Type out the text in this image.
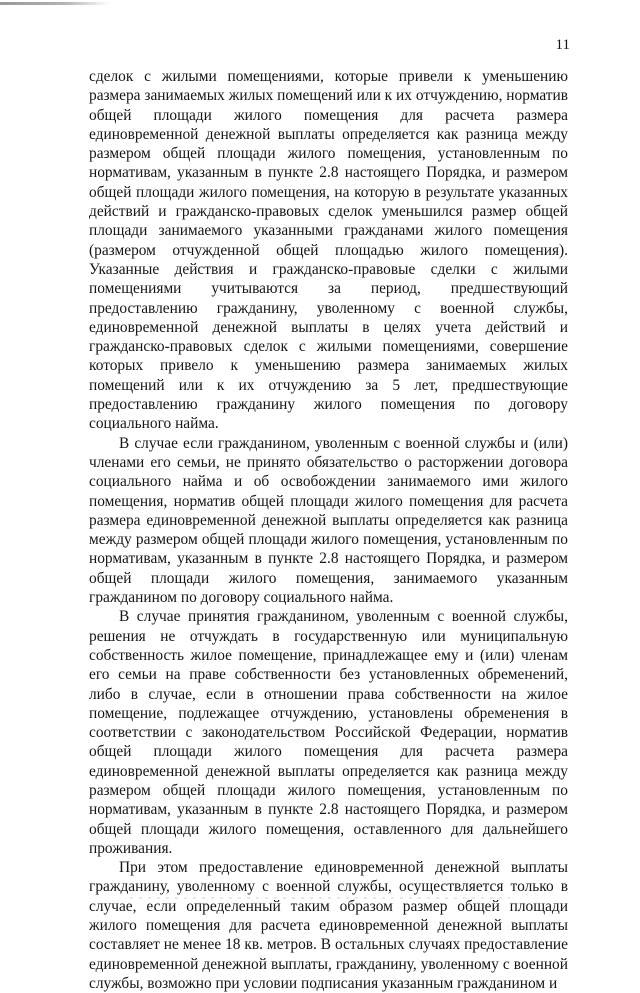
11

сделок с жилыми помещениями, которые привели к уменьшению размера занимаемых жилых помещений или к их отчуждению, норматив общей площади жилого помещения для расчета размера единовременной денежной выплаты определяется как разница между размером общей площади жилого помещения, установленным по нормативам, указанным в пункте 2.8 настоящего Порядка, и размером общей площади жилого помещения, на которую в результате указанных действий и гражданско-правовых сделок уменьшился размер общей площади занимаемого указанными гражданами жилого помещения (размером отчужденной общей площадью жилого помещения). Указанные действия и гражданско-правовые сделки с жилыми помещениями учитываются за период, предшествующий предоставлению гражданину, уволенному с военной службы, единовременной денежной выплаты в целях учета действий и гражданско-правовых сделок с жилыми помещениями, совершение которых привело к уменьшению размера занимаемых жилых помещений или к их отчуждению за 5 лет, предшествующие предоставлению гражданину жилого помещения по договору социального найма.

В случае если гражданином, уволенным с военной службы и (или) членами его семьи, не принято обязательство о расторжении договора социального найма и об освобождении занимаемого ими жилого помещения, норматив общей площади жилого помещения для расчета размера единовременной денежной выплаты определяется как разница между размером общей площади жилого помещения, установленным по нормативам, указанным в пункте 2.8 настоящего Порядка, и размером общей площади жилого помещения, занимаемого указанным гражданином по договору социального найма.

В случае принятия гражданином, уволенным с военной службы, решения не отчуждать в государственную или муниципальную собственность жилое помещение, принадлежащее ему и (или) членам его семьи на праве собственности без установленных обременений, либо в случае, если в отношении права собственности на жилое помещение, подлежащее отчуждению, установлены обременения в соответствии с законодательством Российской Федерации, норматив общей площади жилого помещения для расчета размера единовременной денежной выплаты определяется как разница между размером общей площади жилого помещения, установленным по нормативам, указанным в пункте 2.8 настоящего Порядка, и размером общей площади жилого помещения, оставленного для дальнейшего проживания.

При этом предоставление единовременной денежной выплаты гражданину, уволенному с военной службы, осуществляется только в случае, если определенный таким образом размер общей площади жилого помещения для расчета единовременной денежной выплаты составляет не менее 18 кв. метров. В остальных случаях предоставление единовременной денежной выплаты, гражданину, уволенному с военной службы, возможно при условии подписания указанным гражданином и
